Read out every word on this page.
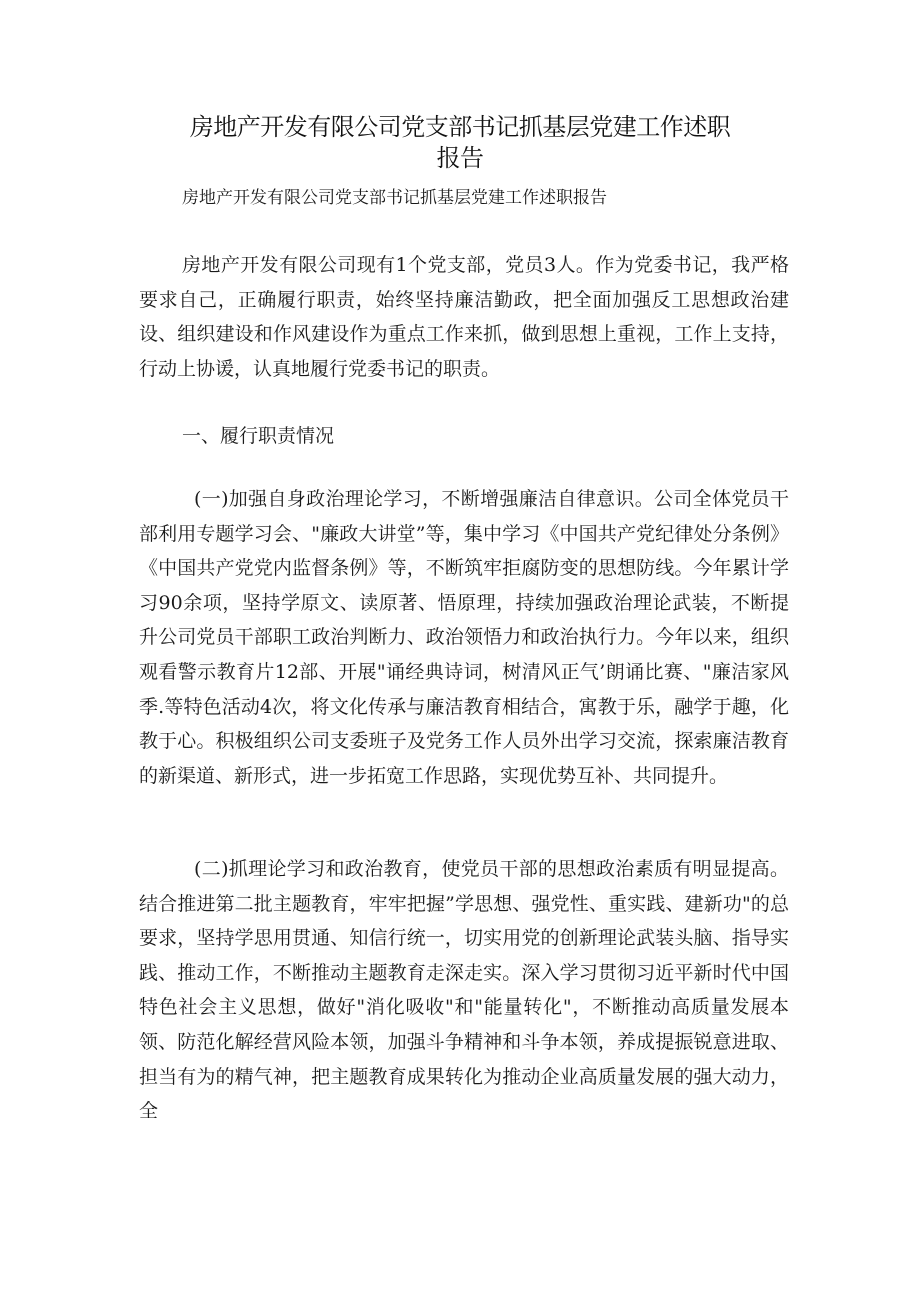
房地产开发有限公司党支部书记抓基层党建工作述职
报告
房地产开发有限公司党支部书记抓基层党建工作述职报告

房地产开发有限公司现有1个党支部，党员3人。作为党委书记，我严格要求自己，正确履行职责，始终坚持廉洁勤政，把全面加强反工思想政治建设、组织建设和作风建设作为重点工作来抓，做到思想上重视，工作上支持，行动上协谖，认真地履行党委书记的职责。

一、履行职责情况

(一)加强自身政治理论学习，不断增强廉洁自律意识。公司全体党员干部利用专题学习会、"廉政大讲堂”等，集中学习《中国共产党纪律处分条例》《中国共产党党内监督条例》等，不断筑牢拒腐防变的思想防线。今年累计学习90余项，坚持学原文、读原著、悟原理，持续加强政治理论武装，不断提升公司党员干部职工政治判断力、政治领悟力和政治执行力。今年以来，组织观看警示教育片12部、开展"诵经典诗词，树清风正气’朗诵比赛、"廉洁家风季.等特色活动4次，将文化传承与廉洁教育相结合，寓教于乐，融学于趣，化教于心。积极组织公司支委班子及党务工作人员外出学习交流，探索廉洁教育的新渠道、新形式，进一步拓宽工作思路，实现优势互补、共同提升。

(二)抓理论学习和政治教育，使党员干部的思想政治素质有明显提高。结合推进第二批主题教育，牢牢把握”学思想、强党性、重实践、建新功"的总要求，坚持学思用贯通、知信行统一，切实用党的创新理论武装头脑、指导实践、推动工作，不断推动主题教育走深走实。深入学习贯彻习近平新时代中国特色社会主义思想，做好"消化吸收"和"能量转化"，不断推动高质量发展本领、防范化解经营风险本领，加强斗争精神和斗争本领，养成提振锐意进取、担当有为的精气神，把主题教育成果转化为推动企业高质量发展的强大动力，全
